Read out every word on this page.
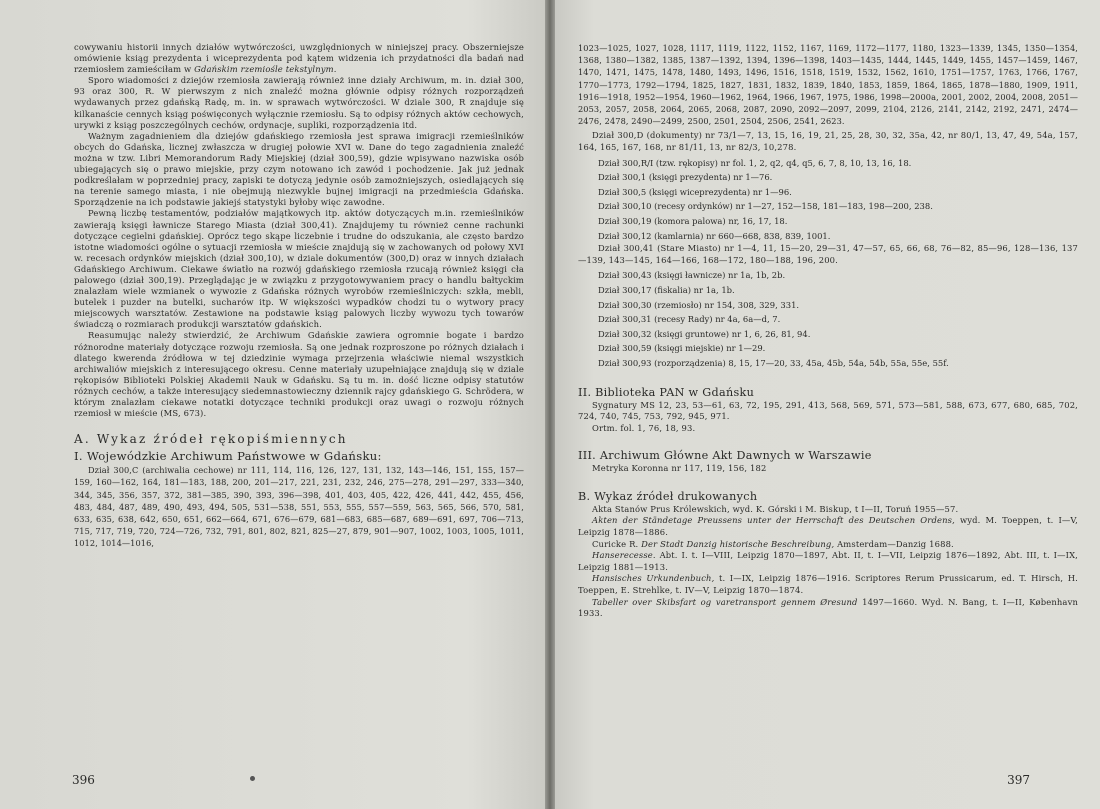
cowywaniu historii innych działów wytwórczości, uwzględnionych w niniejszej pracy. Obszerniejsze omówienie ksiąg prezydenta i wiceprezydenta pod kątem widzenia ich przydatności dla badań nad rzemiosłem zamieściłam w Gdańskim rzemiośle tekstylnym.

Sporo wiadomości z dziejów rzemiosła zawierają również inne działy Archiwum, m. in. dział 300, 93 oraz 300, R. W pierwszym z nich znaleźć można głównie odpisy różnych rozporządzeń wydawanych przez gdańską Radę, m. in. w sprawach wytwórczości. W dziale 300, R znajduje się kilkanaście cennych ksiąg poświęconych wyłącznie rzemiosłu. Są to odpisy różnych aktów cechowych, urywki z ksiąg poszczególnych cechów, ordynacje, supliki, rozporządzenia itd.

Ważnym zagadnieniem dla dziejów gdańskiego rzemiosła jest sprawa imigracji rzemieślników obcych do Gdańska, licznej zwłaszcza w drugiej połowie XVI w. Dane do tego zagadnienia znaleźć można w tzw. Libri Memorandorum Rady Miejskiej (dział 300,59), gdzie wpisywano nazwiska osób ubiegających się o prawo miejskie, przy czym notowano ich zawód i pochodzenie. Jak już jednak podkreślałam w poprzedniej pracy, zapiski te dotyczą jedynie osób zamożniejszych, osiedlających się na terenie samego miasta, i nie obejmują niezwykle bujnej imigracji na przedmieścia Gdańska. Sporządzenie na ich podstawie jakiejś statystyki byłoby więc zawodne.

Pewną liczbę testamentów, podziałów majątkowych itp. aktów dotyczących m.in. rzemieślników zawierają księgi ławnicze Starego Miasta (dział 300,41). Znajdujemy tu również cenne rachunki dotyczące cegielni gdańskiej. Oprócz tego skąpe liczebnie i trudne do odszukania, ale często bardzo istotne wiadomości ogólne o sytuacji rzemiosła w mieście znajdują się w zachowanych od połowy XVI w. recesach ordynków miejskich (dział 300,10), w dziale dokumentów (300,D) oraz w innych działach Gdańskiego Archiwum. Ciekawe światło na rozwój gdańskiego rzemiosła rzucają również księgi cła palowego (dział 300,19). Przeglądając je w związku z przygotowywaniem pracy o handlu bałtyckim znalazłam wiele wzmianek o wywozie z Gdańska różnych wyrobów rzemieślniczych: szkła, mebli, butelek i puzder na butelki, sucharów itp. W większości wypadków chodzi tu o wytwory pracy miejscowych warsztatów. Zestawione na podstawie ksiąg palowych liczby wywozu tych towarów świadczą o rozmiarach produkcji warsztatów gdańskich.

Reasumując należy stwierdzić, że Archiwum Gdańskie zawiera ogromnie bogate i bardzo różnorodne materiały dotyczące rozwoju rzemiosła. Są one jednak rozproszone po różnych działach i dlatego kwerenda źródłowa w tej dziedzinie wymaga przejrzenia właściwie niemal wszystkich archiwaliów miejskich z interesującego okresu. Cenne materiały uzupełniające znajdują się w dziale rękopisów Biblioteki Polskiej Akademii Nauk w Gdańsku. Są tu m. in. dość liczne odpisy statutów różnych cechów, a także interesujący siedemnastowieczny dziennik rajcy gdańskiego G. Schrödera, w którym znalazłam ciekawe notatki dotyczące techniki produkcji oraz uwagi o rozwoju różnych rzemiosł w mieście (MS, 673).

A. Wykaz źródeł rękopiśmiennych
I. Wojewódzkie Archiwum Państwowe w Gdańsku:

Dział 300,C (archiwalia cechowe) nr 111, 114, 116, 126, 127, 131, 132, 143—146, 151, 155, 157—159, 160—162, 164, 181—183, 188, 200, 201—217, 221, 231, 232, 246, 275—278, 291—297, 333—340, 344, 345, 356, 357, 372, 381—385, 390, 393, 396—398, 401, 403, 405, 422, 426, 441, 442, 455, 456, 483, 484, 487, 489, 490, 493, 494, 505, 531—538, 551, 553, 555, 557—559, 563, 565, 566, 570, 581, 633, 635, 638, 642, 650, 651, 662—664, 671, 676—679, 681—683, 685—687, 689—691, 697, 706—713, 715, 717, 719, 720, 724—726, 732, 791, 801, 802, 821, 825—27, 879, 901—907, 1002, 1003, 1005, 1011, 1012, 1014—1016,

396

1023—1025, 1027, 1028, 1117, 1119, 1122, 1152, 1167, 1169, 1172—1177, 1180, 1323—1339, 1345, 1350—1354, 1368, 1380—1382, 1385, 1387—1392, 1394, 1396—1398, 1403—1435, 1444, 1445, 1449, 1455, 1457—1459, 1467, 1470, 1471, 1475, 1478, 1480, 1493, 1496, 1516, 1518, 1519, 1532, 1562, 1610, 1751—1757, 1763, 1766, 1767, 1770—1773, 1792—1794, 1825, 1827, 1831, 1832, 1839, 1840, 1853, 1859, 1864, 1865, 1878—1880, 1909, 1911, 1916—1918, 1952—1954, 1960—1962, 1964, 1966, 1967, 1975, 1986, 1998—2000a, 2001, 2002, 2004, 2008, 2051—2053, 2057, 2058, 2064, 2065, 2068, 2087, 2090, 2092—2097, 2099, 2104, 2126, 2141, 2142, 2192, 2471, 2474—2476, 2478, 2490—2499, 2500, 2501, 2504, 2506, 2541, 2623.

Dział 300,D (dokumenty) nr 73/1—7, 13, 15, 16, 19, 21, 25, 28, 30, 32, 35a, 42, nr 80/1, 13, 47, 49, 54a, 157, 164, 165, 167, 168, nr 81/11, 13, nr 82/3, 10,278.

Dział 300,R/I (tzw. rękopisy) nr fol. 1, 2, q2, q4, q5, 6, 7, 8, 10, 13, 16, 18.
Dział 300,1 (księgi prezydenta) nr 1—76.
Dział 300,5 (księgi wiceprezydenta) nr 1—96.
Dział 300,10 (recesy ordynków) nr 1—27, 152—158, 181—183, 198—200, 238.
Dział 300,19 (komora palowa) nr, 16, 17, 18.
Dział 300,12 (kamlarnia) nr 660—668, 838, 839, 1001.

Dział 300,41 (Stare Miasto) nr 1—4, 11, 15—20, 29—31, 47—57, 65, 66, 68, 76—82, 85—96, 128—136, 137—139, 143—145, 164—166, 168—172, 180—188, 196, 200.

Dział 300,43 (księgi ławnicze) nr 1a, 1b, 2b.
Dział 300,17 (fiskalia) nr 1a, 1b.
Dział 300,30 (rzemiosło) nr 154, 308, 329, 331.
Dział 300,31 (recesy Rady) nr 4a, 6a—d, 7.
Dział 300,32 (księgi gruntowe) nr 1, 6, 26, 81, 94.
Dział 300,59 (księgi miejskie) nr 1—29.
Dział 300,93 (rozporządzenia) 8, 15, 17—20, 33, 45a, 45b, 54a, 54b, 55a, 55e, 55f.
II. Biblioteka PAN w Gdańsku

Sygnatury MS 12, 23, 53—61, 63, 72, 195, 291, 413, 568, 569, 571, 573—581, 588, 673, 677, 680, 685, 702, 724, 740, 745, 753, 792, 945, 971.

Ortm. fol. 1, 76, 18, 93.

III. Archiwum Główne Akt Dawnych w Warszawie

Metryka Koronna nr 117, 119, 156, 182

B. Wykaz źródeł drukowanych

Akta Stanów Prus Królewskich, wyd. K. Górski i M. Biskup, t I—II, Toruń 1955—57.

Akten der Ständetage Preussens unter der Herrschaft des Deutschen Ordens, wyd. M. Toeppen, t. I—V, Leipzig 1878—1886.

Curicke R. Der Stadt Danzig historische Beschreibung, Amsterdam—Danzig 1688.

Hanserecesse. Abt. I. t. I—VIII, Leipzig 1870—1897, Abt. II, t. I—VII, Leipzig 1876—1892, Abt. III, t. I—IX, Leipzig 1881—1913.

Hansisches Urkundenbuch, t. I—IX, Leipzig 1876—1916. Scriptores Rerum Prussicarum, ed. T. Hirsch, H. Toeppen, E. Strehlke, t. IV—V, Leipzig 1870—1874.

Tabeller over Skibsfart og varetransport gennem Øresund 1497—1660. Wyd. N. Bang, t. I—II, København 1933.

397
